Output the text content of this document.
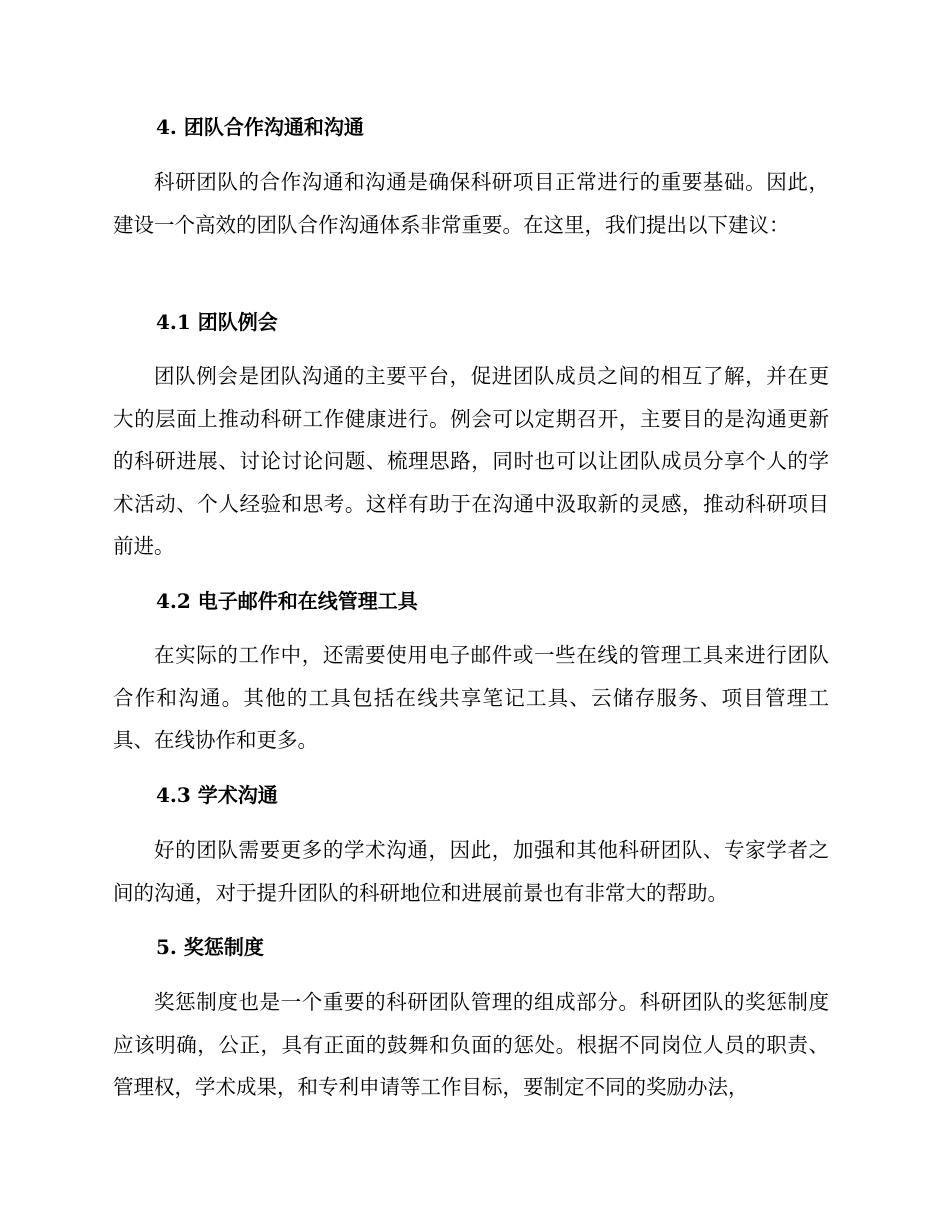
4. 团队合作沟通和沟通

科研团队的合作沟通和沟通是确保科研项目正常进行的重要基础。因此，建设一个高效的团队合作沟通体系非常重要。在这里，我们提出以下建议：

4.1 团队例会

团队例会是团队沟通的主要平台，促进团队成员之间的相互了解，并在更大的层面上推动科研工作健康进行。例会可以定期召开，主要目的是沟通更新的科研进展、讨论讨论问题、梳理思路，同时也可以让团队成员分享个人的学术活动、个人经验和思考。这样有助于在沟通中汲取新的灵感，推动科研项目前进。

4.2 电子邮件和在线管理工具

在实际的工作中，还需要使用电子邮件或一些在线的管理工具来进行团队合作和沟通。其他的工具包括在线共享笔记工具、云储存服务、项目管理工具、在线协作和更多。

4.3 学术沟通

好的团队需要更多的学术沟通，因此，加强和其他科研团队、专家学者之间的沟通，对于提升团队的科研地位和进展前景也有非常大的帮助。

5. 奖惩制度

奖惩制度也是一个重要的科研团队管理的组成部分。科研团队的奖惩制度应该明确，公正，具有正面的鼓舞和负面的惩处。根据不同岗位人员的职责、管理权，学术成果，和专利申请等工作目标，要制定不同的奖励办法，
